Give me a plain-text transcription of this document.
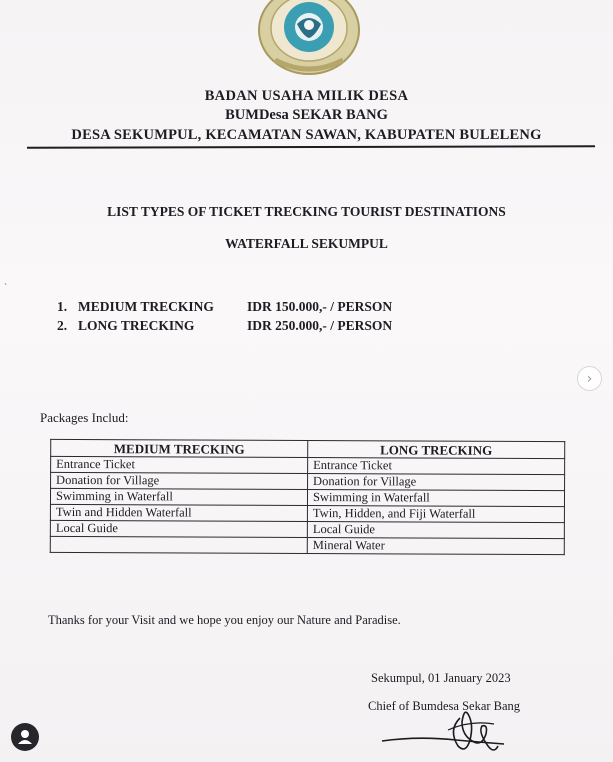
BADAN USAHA MILIK DESA
BUMDesa SEKAR BANG
DESA SEKUMPUL, KECAMATAN SAWAN, KABUPATEN BULELENG
LIST TYPES OF TICKET TRECKING TOURIST DESTINATIONS
WATERFALL SEKUMPUL
1. MEDIUM TRECKING IDR 150.000,- / PERSON
2. LONG TRECKING	IDR 250.000,- / PERSON
Packages Includ:
MEDIUM TRECKING	LONG TRECKING
Entrance Ticket	Entrance Ticket
Donation for Village	Donation for Village
Swimming in Waterfall	Swimming in Waterfall
Twin and Hidden Waterfall	Twin, Hidden, and Fiji Waterfall
Local Guide	Local Guide
	Mineral Water
Thanks for your Visit and we hope you enjoy our Nature and Paradise.
Sekumpul, 01 January 2023
Chief of Bumdesa Sekar Bang
`
›
